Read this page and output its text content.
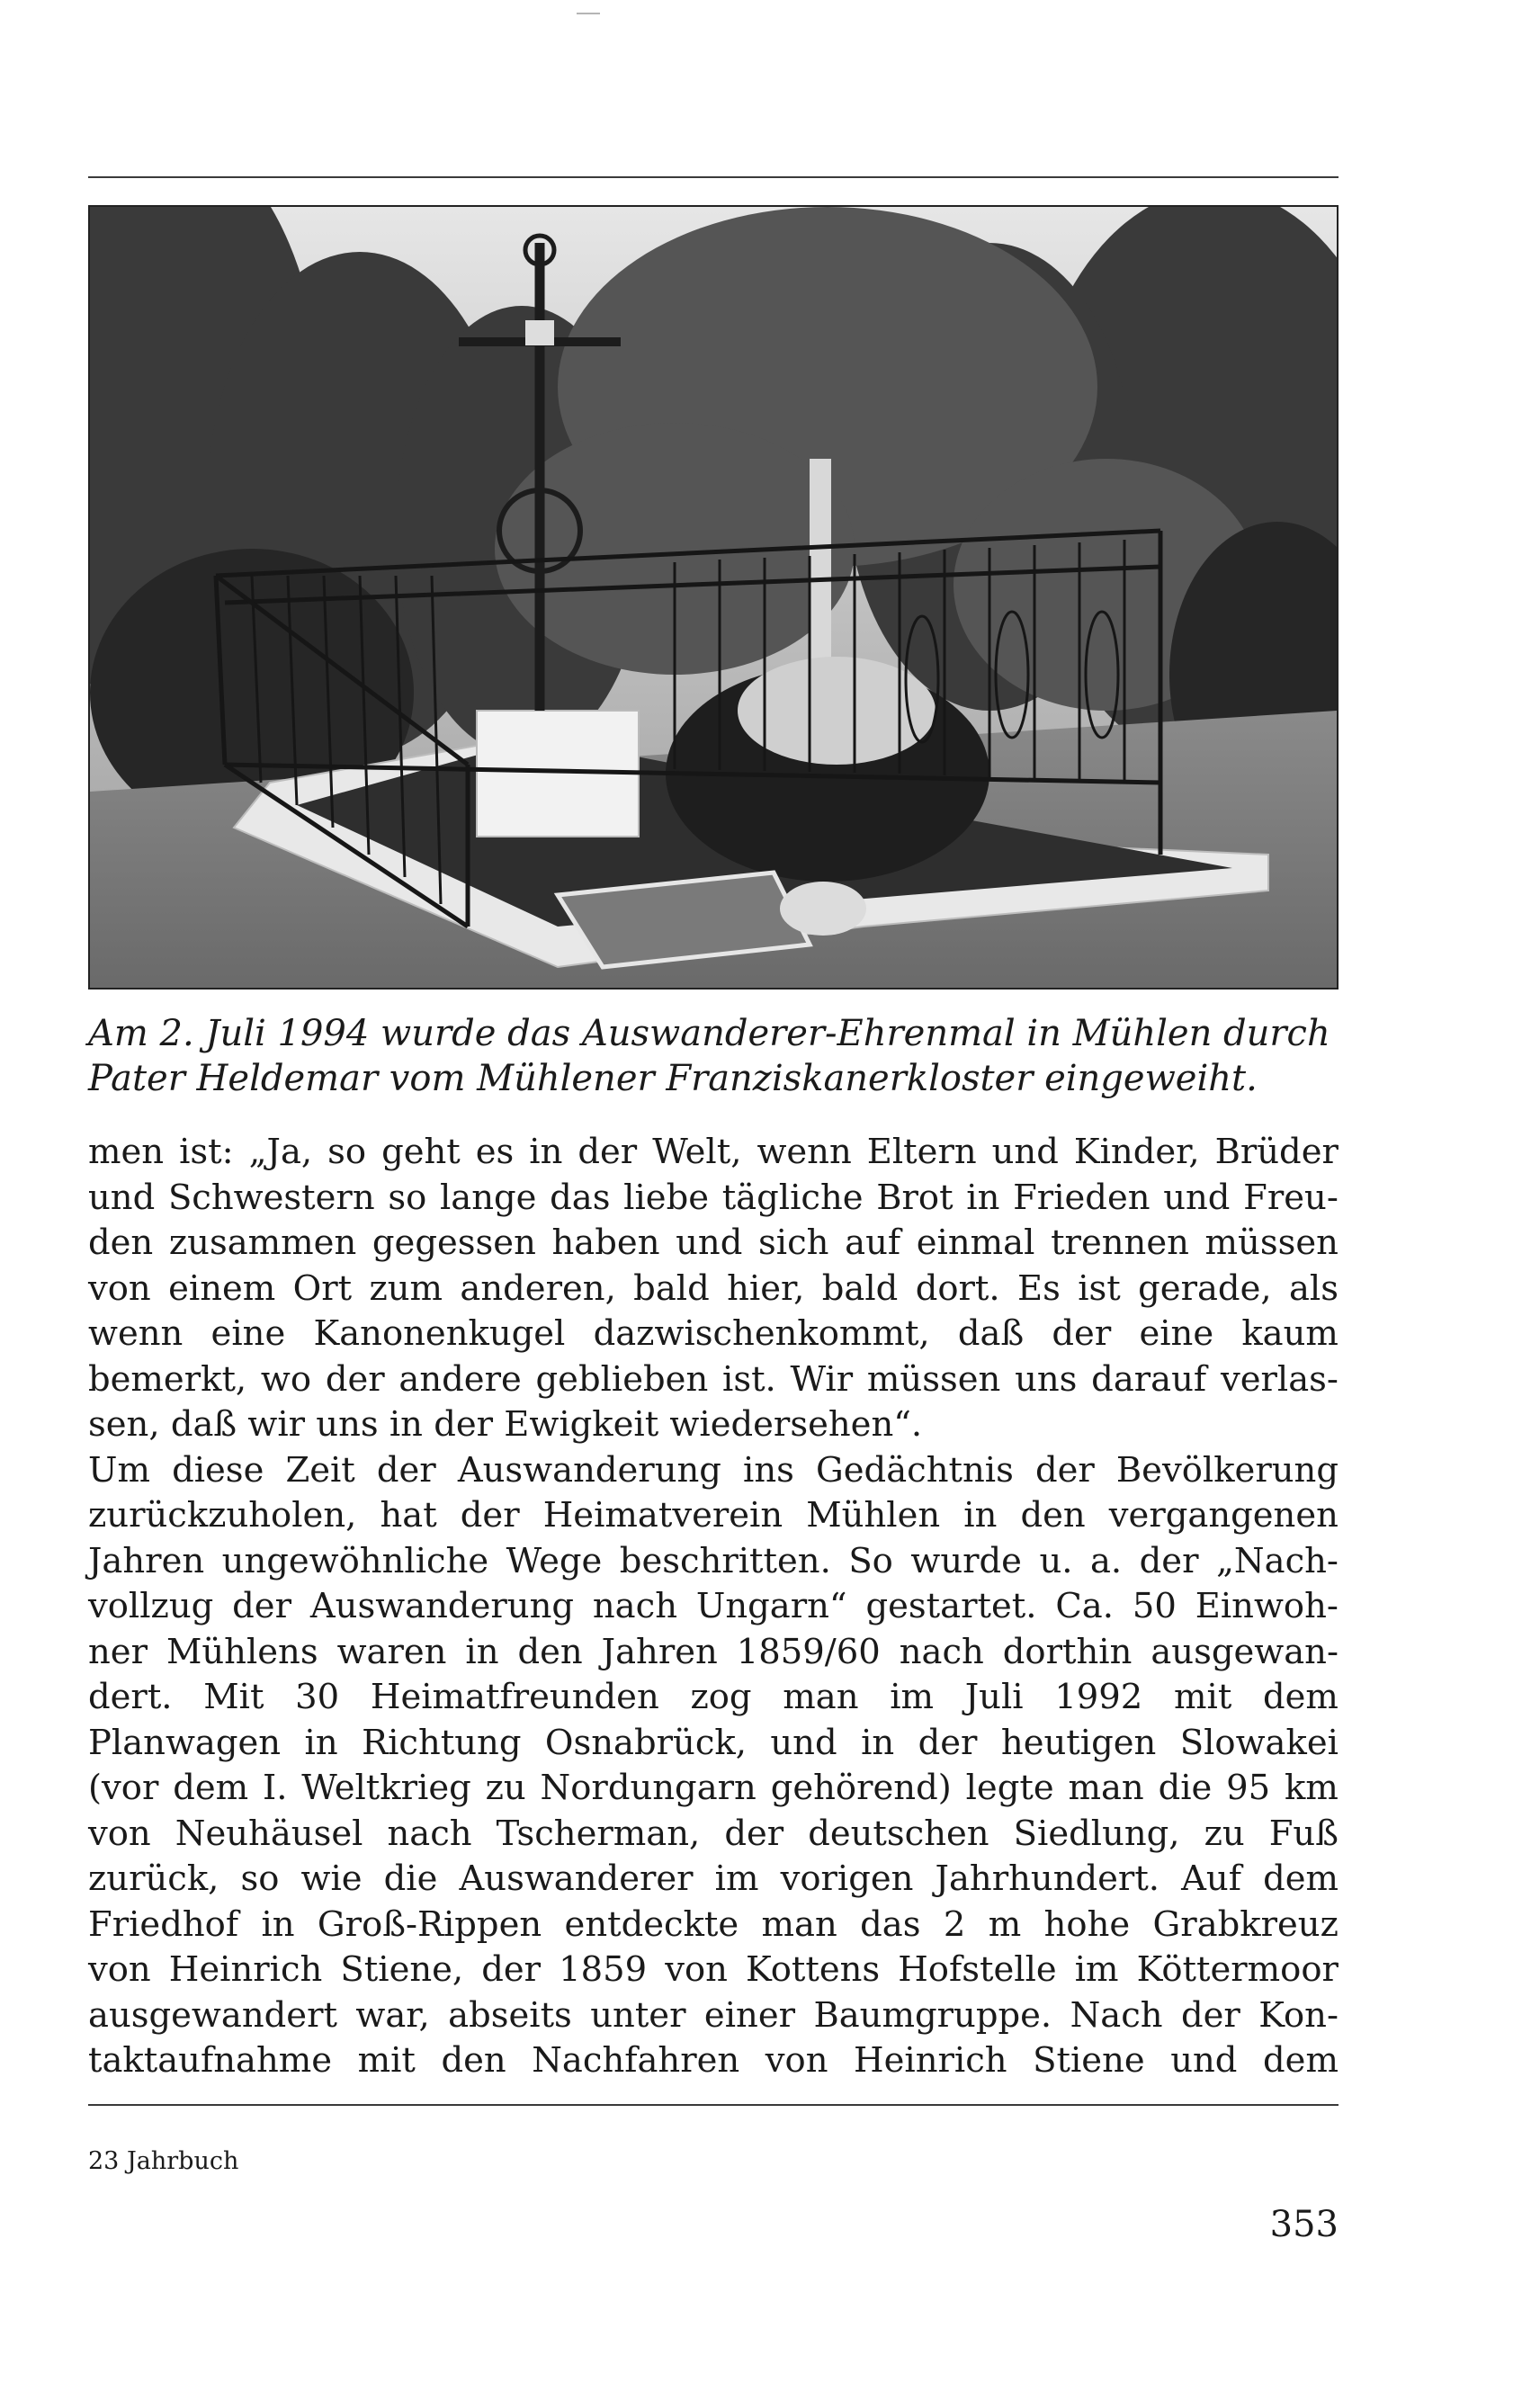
Am 2. Juli 1994 wurde das Auswanderer-Ehrenmal in Mühlen durch
Pater Heldemar vom Mühlener Franziskanerkloster eingeweiht.
men ist: „Ja, so geht es in der Welt, wenn Eltern und Kinder, Brüder
und Schwestern so lange das liebe tägliche Brot in Frieden und Freu-
den zusammen gegessen haben und sich auf einmal trennen müssen
von einem Ort zum anderen, bald hier, bald dort. Es ist gerade, als
wenn eine Kanonenkugel dazwischenkommt, daß der eine kaum
bemerkt, wo der andere geblieben ist. Wir müssen uns darauf verlas-
sen, daß wir uns in der Ewigkeit wiedersehen“.
Um diese Zeit der Auswanderung ins Gedächtnis der Bevölkerung
zurückzuholen, hat der Heimatverein Mühlen in den vergangenen
Jahren ungewöhnliche Wege beschritten. So wurde u. a. der „Nach-
vollzug der Auswanderung nach Ungarn“ gestartet. Ca. 50 Einwoh-
ner Mühlens waren in den Jahren 1859/60 nach dorthin ausgewan-
dert. Mit 30 Heimatfreunden zog man im Juli 1992 mit dem
Planwagen in Richtung Osnabrück, und in der heutigen Slowakei
(vor dem I. Weltkrieg zu Nordungarn gehörend) legte man die 95 km
von Neuhäusel nach Tscherman, der deutschen Siedlung, zu Fuß
zurück, so wie die Auswanderer im vorigen Jahrhundert. Auf dem
Friedhof in Groß-Rippen entdeckte man das 2 m hohe Grabkreuz
von Heinrich Stiene, der 1859 von Kottens Hofstelle im Köttermoor
ausgewandert war, abseits unter einer Baumgruppe. Nach der Kon-
taktaufnahme mit den Nachfahren von Heinrich Stiene und dem
23 Jahrbuch
353
